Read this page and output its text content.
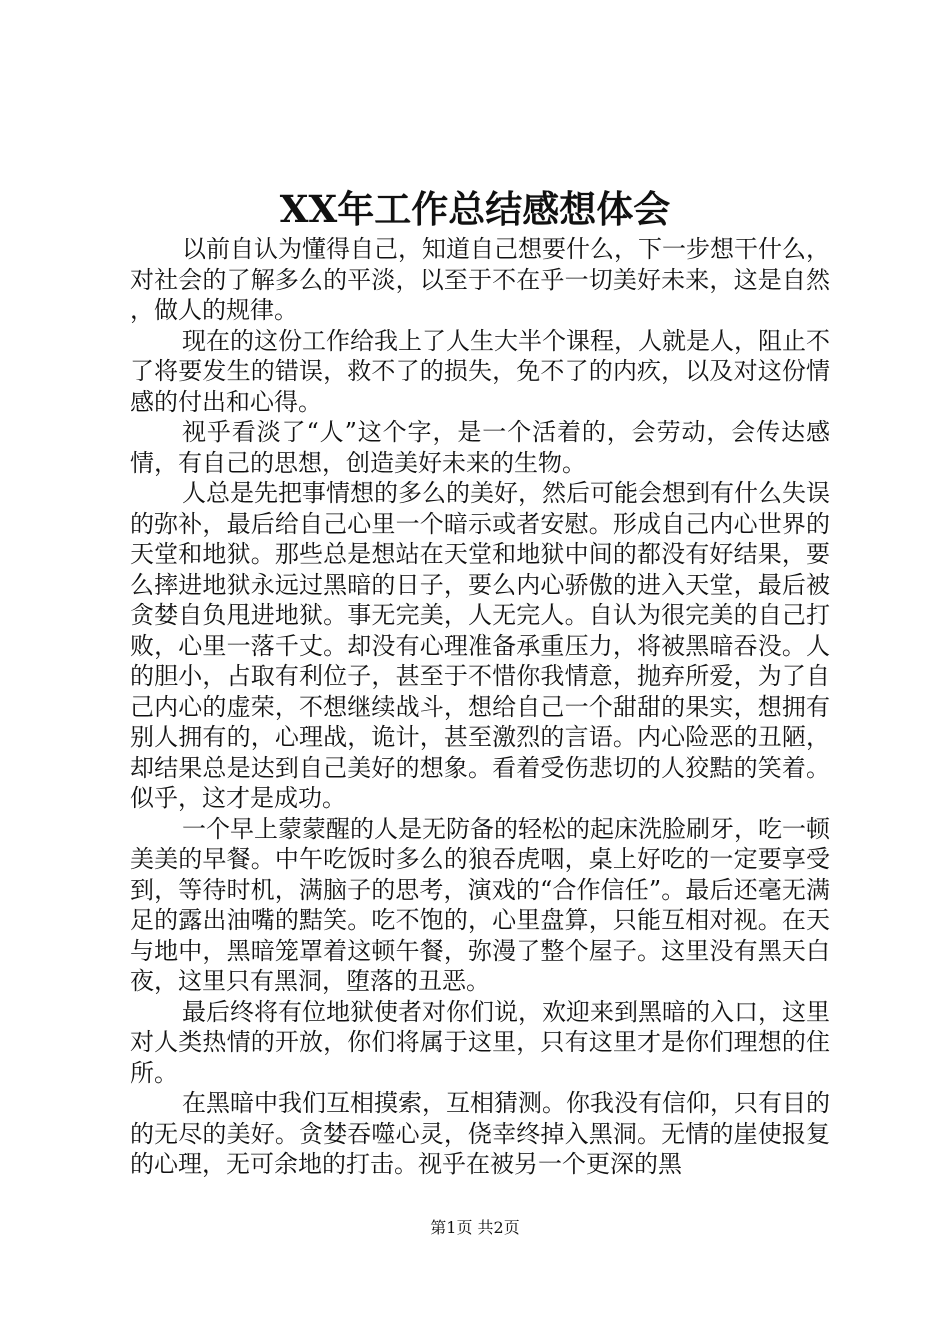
XX年工作总结感想体会

以前自认为懂得自己，知道自己想要什么，下一步想干什么，对社会的了解多么的平淡，以至于不在乎一切美好未来，这是自然，做人的规律。

现在的这份工作给我上了人生大半个课程，人就是人，阻止不了将要发生的错误，救不了的损失，免不了的内疚，以及对这份情感的付出和心得。

视乎看淡了“人”这个字，是一个活着的，会劳动，会传达感情，有自己的思想，创造美好未来的生物。

人总是先把事情想的多么的美好，然后可能会想到有什么失误的弥补，最后给自己心里一个暗示或者安慰。形成自己内心世界的天堂和地狱。那些总是想站在天堂和地狱中间的都没有好结果，要么摔进地狱永远过黑暗的日子，要么内心骄傲的进入天堂，最后被贪婪自负甩进地狱。事无完美，人无完人。自认为很完美的自己打败，心里一落千丈。却没有心理准备承重压力，将被黑暗吞没。人的胆小，占取有利位子，甚至于不惜你我情意，抛弃所爱，为了自己内心的虚荣，不想继续战斗，想给自己一个甜甜的果实，想拥有别人拥有的，心理战，诡计，甚至激烈的言语。内心险恶的丑陋，却结果总是达到自己美好的想象。看着受伤悲切的人狡黠的笑着。似乎，这才是成功。

一个早上蒙蒙醒的人是无防备的轻松的起床洗脸刷牙，吃一顿美美的早餐。中午吃饭时多么的狼吞虎咽，桌上好吃的一定要享受到，等待时机，满脑子的思考，演戏的“合作信任”。最后还毫无满足的露出油嘴的黠笑。吃不饱的，心里盘算，只能互相对视。在天与地中，黑暗笼罩着这顿午餐，弥漫了整个屋子。这里没有黑天白夜，这里只有黑洞，堕落的丑恶。

最后终将有位地狱使者对你们说，欢迎来到黑暗的入口，这里对人类热情的开放，你们将属于这里，只有这里才是你们理想的住所。

在黑暗中我们互相摸索，互相猜测。你我没有信仰，只有目的的无尽的美好。贪婪吞噬心灵，侥幸终掉入黑洞。无情的崖使报复的心理，无可余地的打击。视乎在被另一个更深的黑

第1页 共2页
